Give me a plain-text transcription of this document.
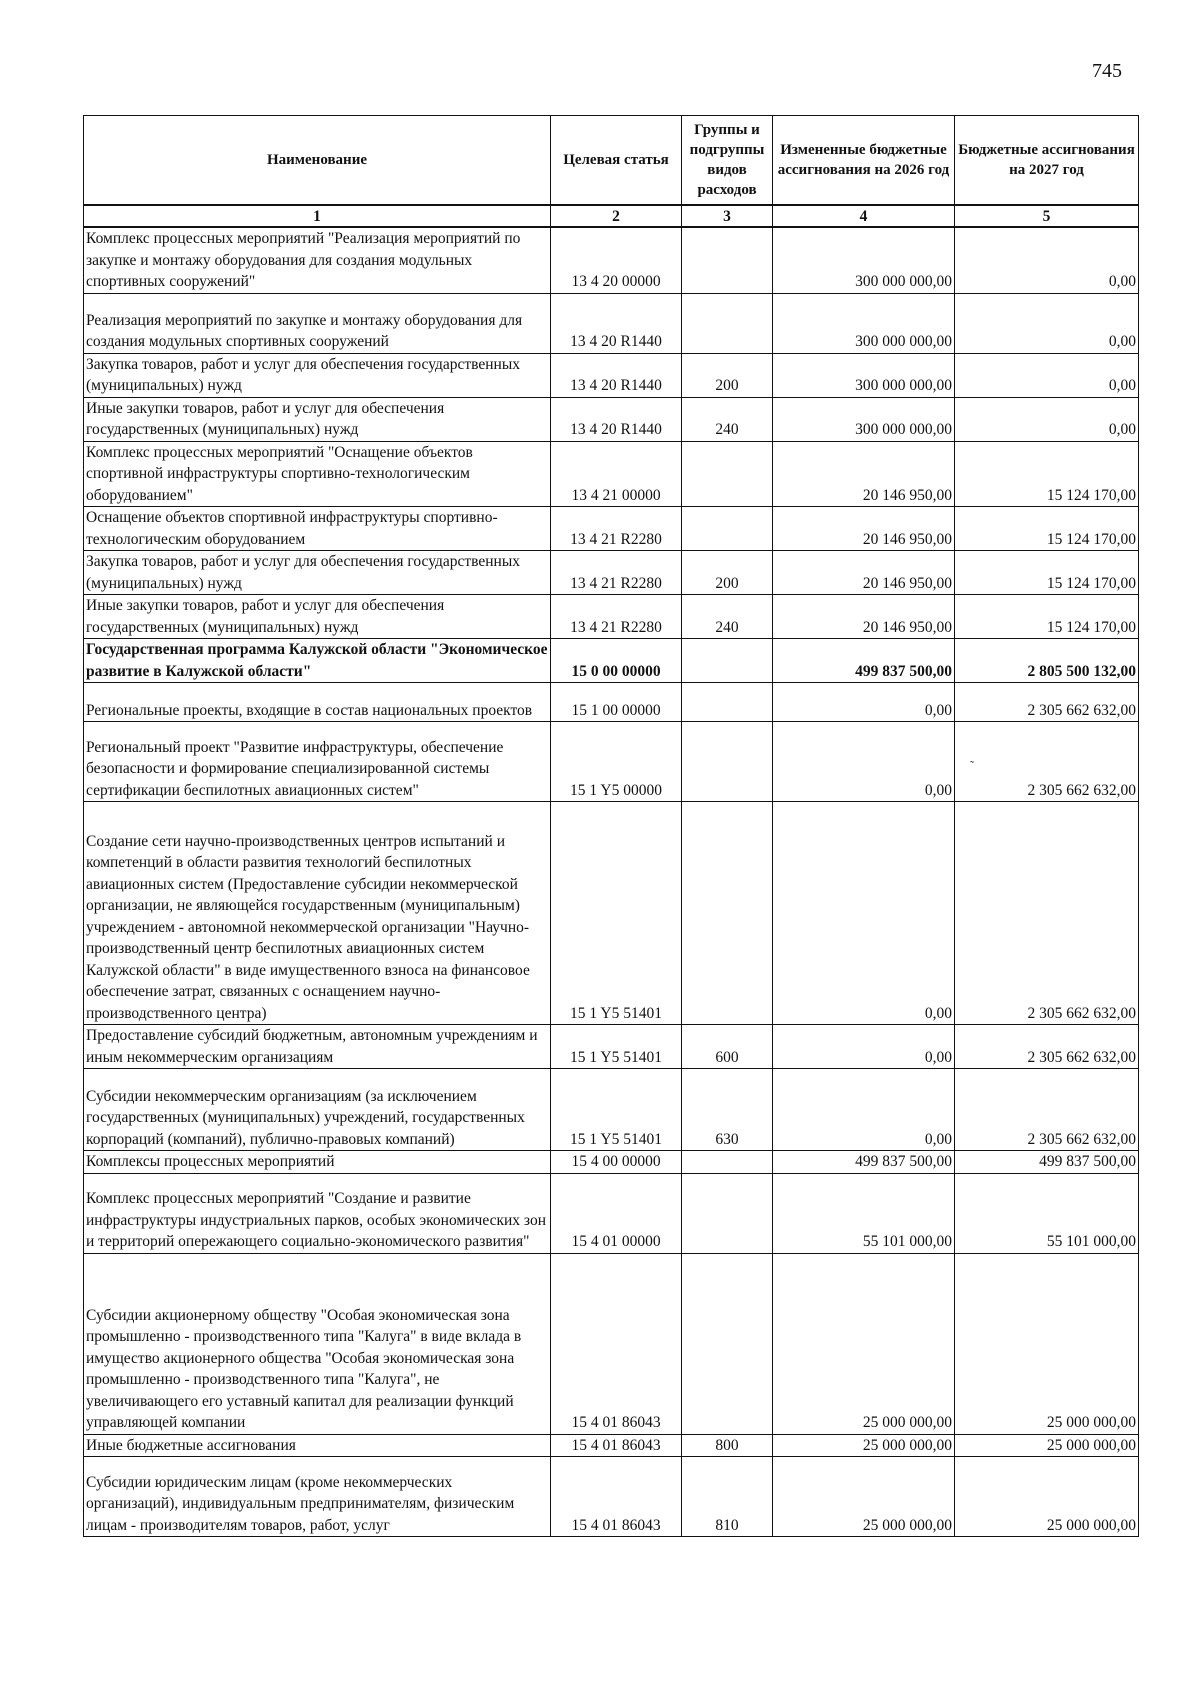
745
˜
Наименование	Целевая статья	Группы и подгруппы видов расходов	Измененные бюджетные ассигнования на 2026 год	Бюджетные ассигнования на 2027 год
1	2	3	4	5
Комплекс процессных мероприятий "Реализация мероприятий по закупке и монтажу оборудования для создания модульных спортивных сооружений"	13 4 20 00000		300 000 000,00	0,00
Реализация мероприятий по закупке и монтажу оборудования для создания модульных спортивных сооружений	13 4 20 R1440		300 000 000,00	0,00
Закупка товаров, работ и услуг для обеспечения государственных (муниципальных) нужд	13 4 20 R1440	200	300 000 000,00	0,00
Иные закупки товаров, работ и услуг для обеспечения государственных (муниципальных) нужд	13 4 20 R1440	240	300 000 000,00	0,00
Комплекс процессных мероприятий "Оснащение объектов спортивной инфраструктуры спортивно-технологическим оборудованием"	13 4 21 00000		20 146 950,00	15 124 170,00
Оснащение объектов спортивной инфраструктуры спортивно-технологическим оборудованием	13 4 21 R2280		20 146 950,00	15 124 170,00
Закупка товаров, работ и услуг для обеспечения государственных (муниципальных) нужд	13 4 21 R2280	200	20 146 950,00	15 124 170,00
Иные закупки товаров, работ и услуг для обеспечения государственных (муниципальных) нужд	13 4 21 R2280	240	20 146 950,00	15 124 170,00
Государственная программа Калужской области "Экономическое развитие в Калужской области"	15 0 00 00000		499 837 500,00	2 805 500 132,00
Региональные проекты, входящие в состав национальных проектов	15 1 00 00000		0,00	2 305 662 632,00
Региональный проект "Развитие инфраструктуры, обеспечение безопасности и формирование специализированной системы сертификации беспилотных авиационных систем"	15 1 Y5 00000		0,00	2 305 662 632,00
Создание сети научно-производственных центров испытаний и компетенций в области развития технологий беспилотных авиационных систем (Предоставление субсидии некоммерческой организации, не являющейся государственным (муниципальным) учреждением - автономной некоммерческой организации "Научно-производственный центр беспилотных авиационных систем Калужской области" в виде имущественного взноса на финансовое обеспечение затрат, связанных с оснащением научно-производственного центра)	15 1 Y5 51401		0,00	2 305 662 632,00
Предоставление субсидий бюджетным, автономным учреждениям и иным некоммерческим организациям	15 1 Y5 51401	600	0,00	2 305 662 632,00
Субсидии некоммерческим организациям (за исключением государственных (муниципальных) учреждений, государственных корпораций (компаний), публично-правовых компаний)	15 1 Y5 51401	630	0,00	2 305 662 632,00
Комплексы процессных мероприятий	15 4 00 00000		499 837 500,00	499 837 500,00
Комплекс процессных мероприятий "Создание и развитие инфраструктуры индустриальных парков, особых экономических зон и территорий опережающего социально-экономического развития"	15 4 01 00000		55 101 000,00	55 101 000,00
Субсидии акционерному обществу "Особая экономическая зона промышленно - производственного типа "Калуга" в виде вклада в имущество акционерного общества "Особая экономическая зона промышленно - производственного типа "Калуга", не увеличивающего его уставный капитал для реализации функций управляющей компании	15 4 01 86043		25 000 000,00	25 000 000,00
Иные бюджетные ассигнования	15 4 01 86043	800	25 000 000,00	25 000 000,00
Субсидии юридическим лицам (кроме некоммерческих организаций), индивидуальным предпринимателям, физическим лицам - производителям товаров, работ, услуг	15 4 01 86043	810	25 000 000,00	25 000 000,00
